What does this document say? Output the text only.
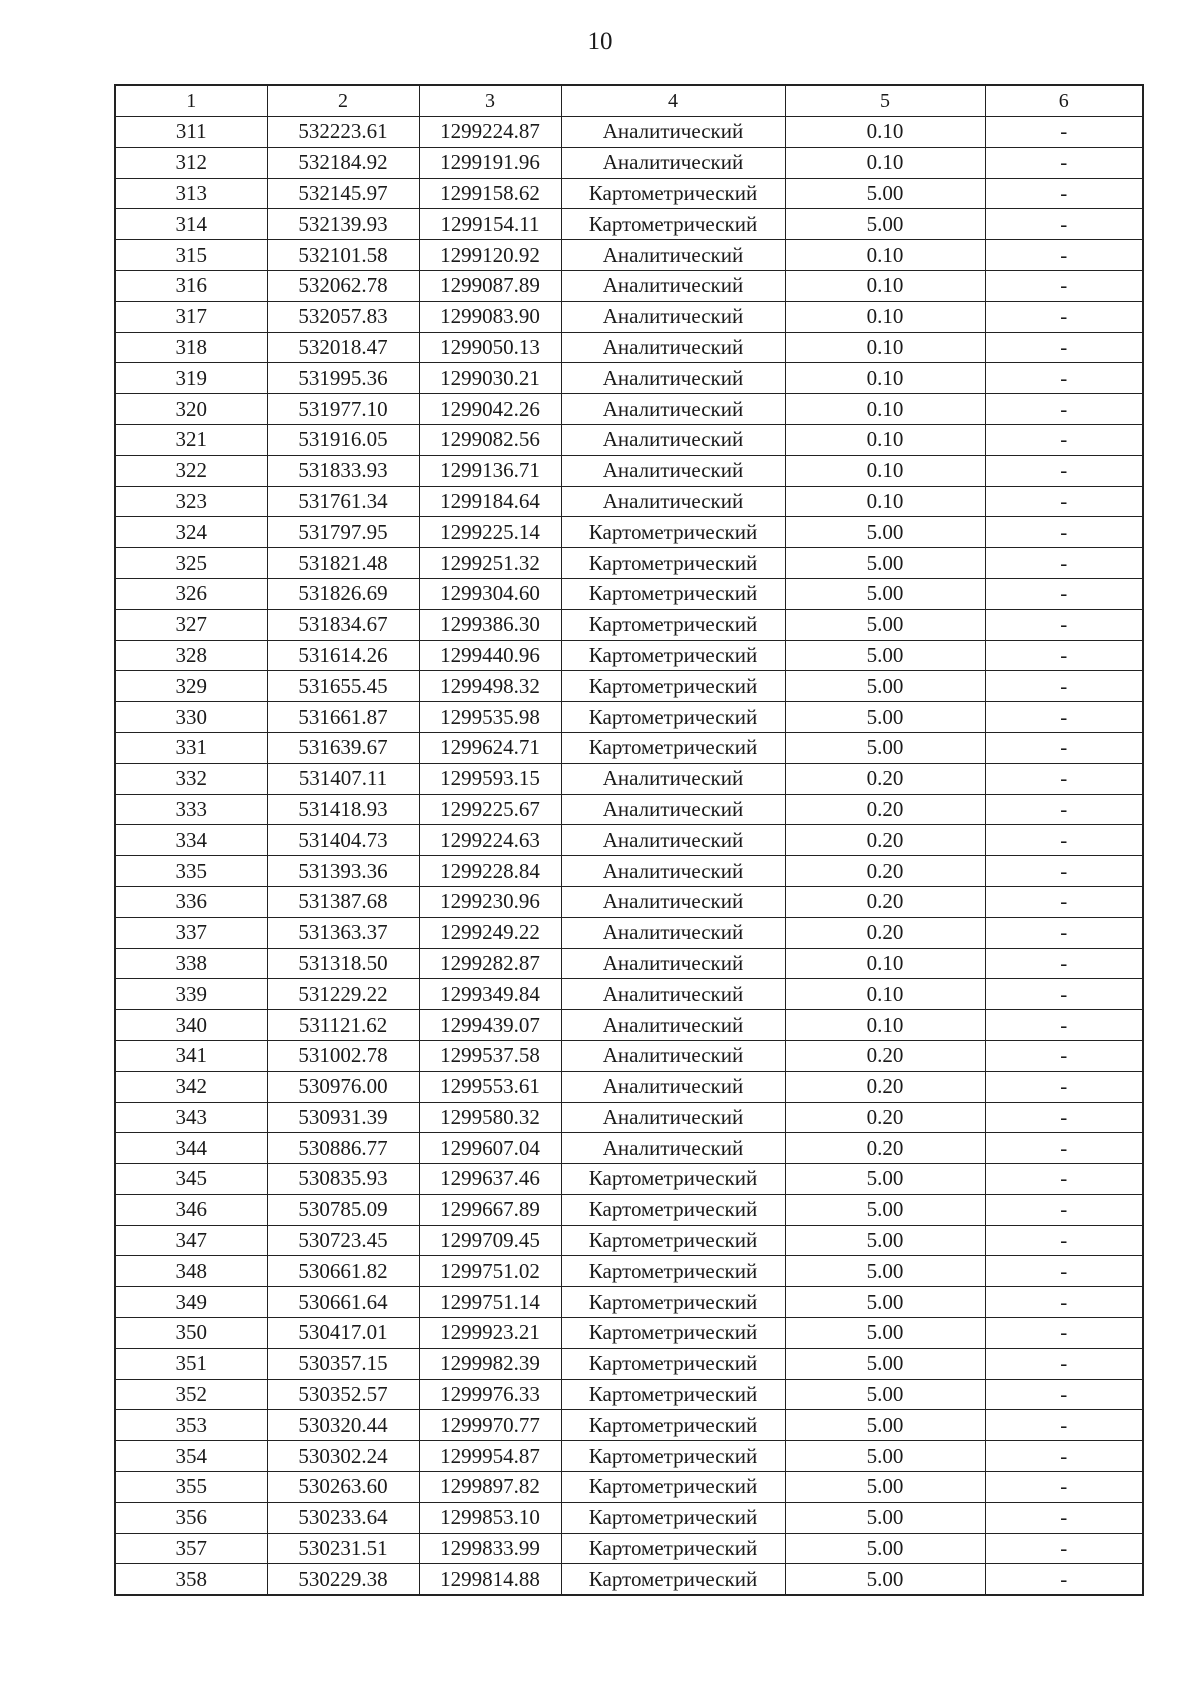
10
1	2	3	4	5	6
311	532223.61	1299224.87	Аналитический	0.10	-
312	532184.92	1299191.96	Аналитический	0.10	-
313	532145.97	1299158.62	Картометрический	5.00	-
314	532139.93	1299154.11	Картометрический	5.00	-
315	532101.58	1299120.92	Аналитический	0.10	-
316	532062.78	1299087.89	Аналитический	0.10	-
317	532057.83	1299083.90	Аналитический	0.10	-
318	532018.47	1299050.13	Аналитический	0.10	-
319	531995.36	1299030.21	Аналитический	0.10	-
320	531977.10	1299042.26	Аналитический	0.10	-
321	531916.05	1299082.56	Аналитический	0.10	-
322	531833.93	1299136.71	Аналитический	0.10	-
323	531761.34	1299184.64	Аналитический	0.10	-
324	531797.95	1299225.14	Картометрический	5.00	-
325	531821.48	1299251.32	Картометрический	5.00	-
326	531826.69	1299304.60	Картометрический	5.00	-
327	531834.67	1299386.30	Картометрический	5.00	-
328	531614.26	1299440.96	Картометрический	5.00	-
329	531655.45	1299498.32	Картометрический	5.00	-
330	531661.87	1299535.98	Картометрический	5.00	-
331	531639.67	1299624.71	Картометрический	5.00	-
332	531407.11	1299593.15	Аналитический	0.20	-
333	531418.93	1299225.67	Аналитический	0.20	-
334	531404.73	1299224.63	Аналитический	0.20	-
335	531393.36	1299228.84	Аналитический	0.20	-
336	531387.68	1299230.96	Аналитический	0.20	-
337	531363.37	1299249.22	Аналитический	0.20	-
338	531318.50	1299282.87	Аналитический	0.10	-
339	531229.22	1299349.84	Аналитический	0.10	-
340	531121.62	1299439.07	Аналитический	0.10	-
341	531002.78	1299537.58	Аналитический	0.20	-
342	530976.00	1299553.61	Аналитический	0.20	-
343	530931.39	1299580.32	Аналитический	0.20	-
344	530886.77	1299607.04	Аналитический	0.20	-
345	530835.93	1299637.46	Картометрический	5.00	-
346	530785.09	1299667.89	Картометрический	5.00	-
347	530723.45	1299709.45	Картометрический	5.00	-
348	530661.82	1299751.02	Картометрический	5.00	-
349	530661.64	1299751.14	Картометрический	5.00	-
350	530417.01	1299923.21	Картометрический	5.00	-
351	530357.15	1299982.39	Картометрический	5.00	-
352	530352.57	1299976.33	Картометрический	5.00	-
353	530320.44	1299970.77	Картометрический	5.00	-
354	530302.24	1299954.87	Картометрический	5.00	-
355	530263.60	1299897.82	Картометрический	5.00	-
356	530233.64	1299853.10	Картометрический	5.00	-
357	530231.51	1299833.99	Картометрический	5.00	-
358	530229.38	1299814.88	Картометрический	5.00	-
